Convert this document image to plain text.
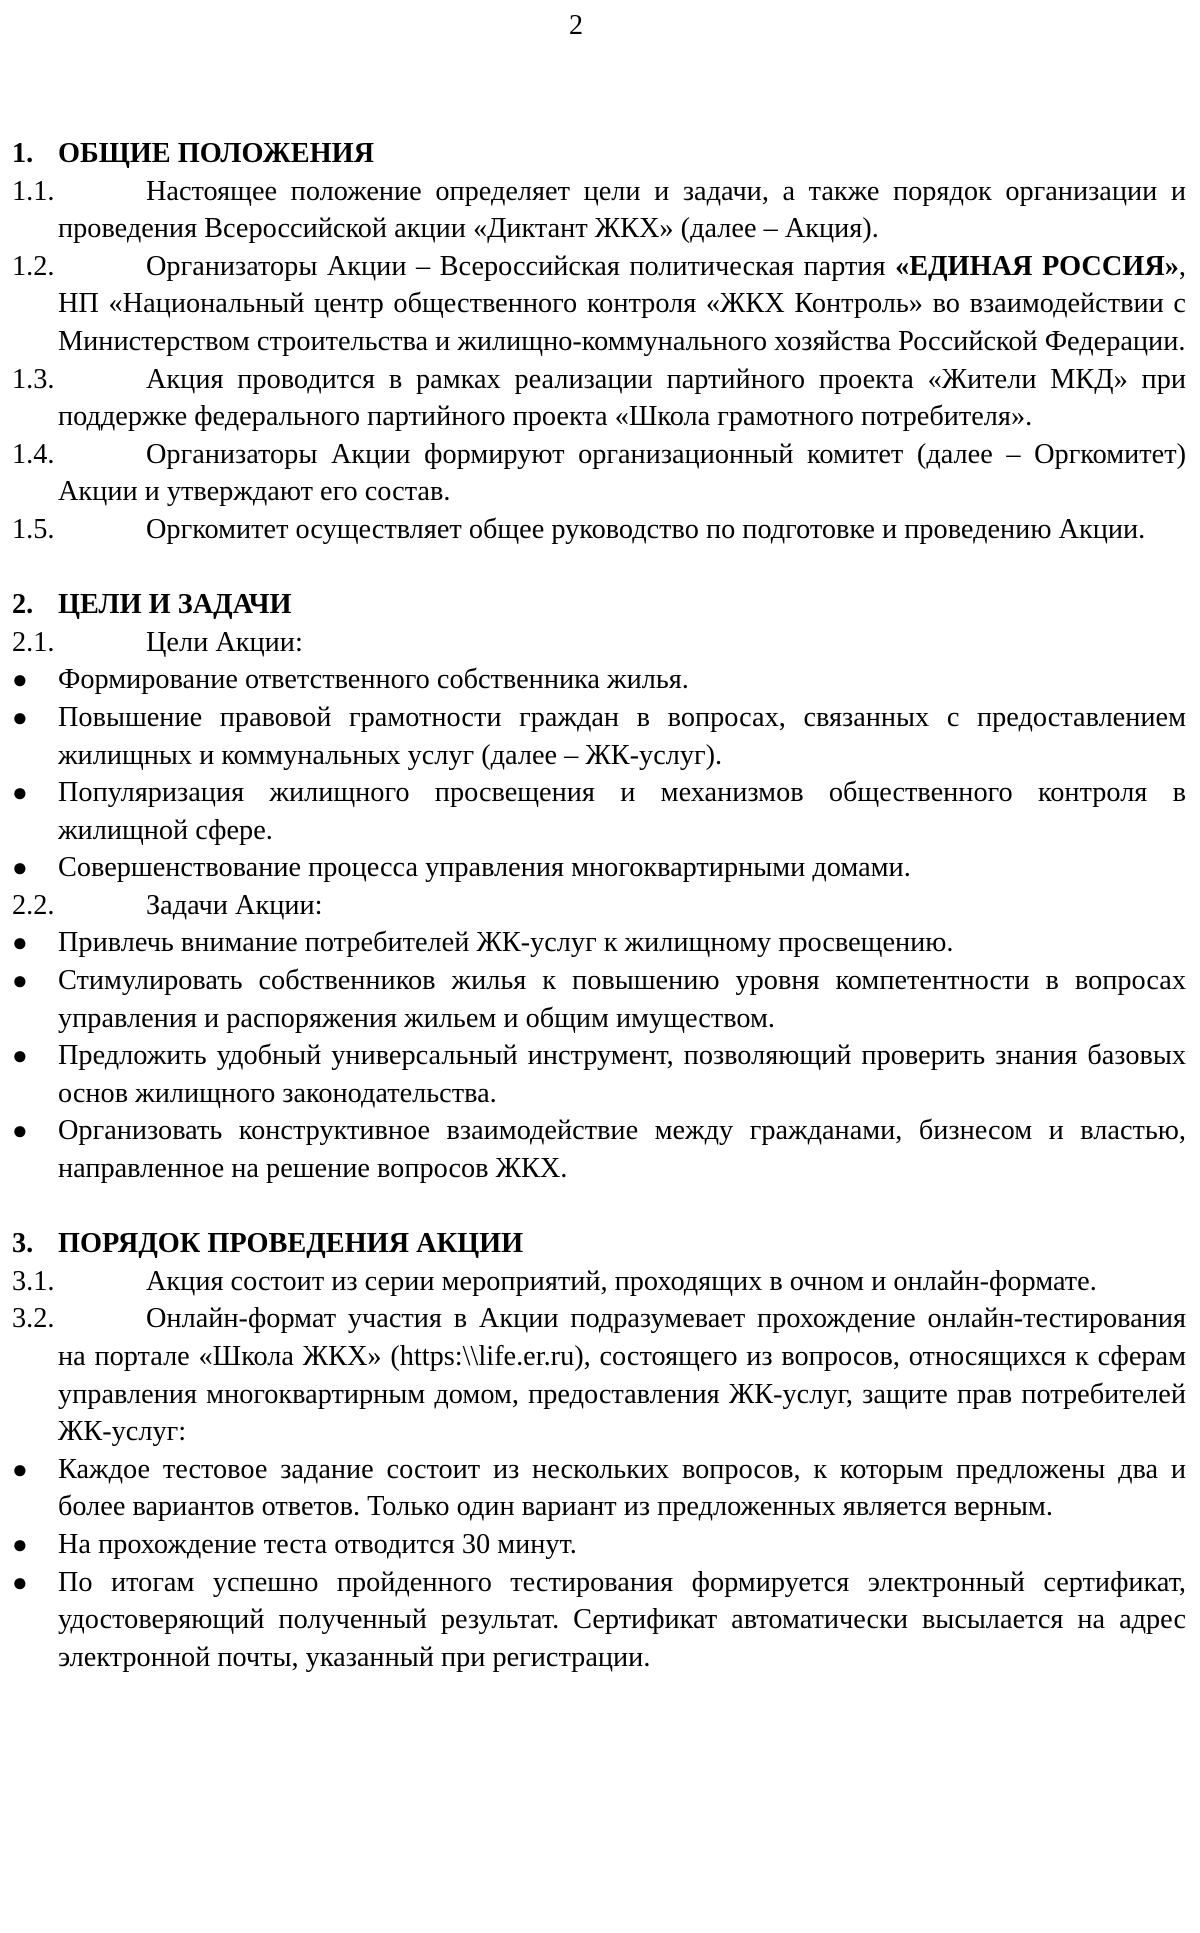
2
1. ОБЩИЕ ПОЛОЖЕНИЯ
1.1.	Настоящее положение определяет цели и задачи, а также порядок организации и проведения Всероссийской акции «Диктант ЖКХ» (далее – Акция).
1.2.	Организаторы Акции – Всероссийская политическая партия «ЕДИНАЯ РОССИЯ», НП «Национальный центр общественного контроля «ЖКХ Контроль» во взаимодействии с Министерством строительства и жилищно-коммунального хозяйства Российской Федерации.
1.3.	Акция проводится в рамках реализации партийного проекта «Жители МКД» при поддержке федерального партийного проекта «Школа грамотного потребителя».
1.4.	Организаторы Акции формируют организационный комитет (далее – Оргкомитет) Акции и утверждают его состав.
1.5.	Оргкомитет осуществляет общее руководство по подготовке и проведению Акции.
2. ЦЕЛИ И ЗАДАЧИ
2.1.	Цели Акции:
● Формирование ответственного собственника жилья.
● Повышение правовой грамотности граждан в вопросах, связанных с предоставлением жилищных и коммунальных услуг (далее – ЖК-услуг).
● Популяризация жилищного просвещения и механизмов общественного контроля в жилищной сфере.
● Совершенствование процесса управления многоквартирными домами.
2.2.	Задачи Акции:
● Привлечь внимание потребителей ЖК-услуг к жилищному просвещению.
● Стимулировать собственников жилья к повышению уровня компетентности в вопросах управления и распоряжения жильем и общим имуществом.
● Предложить удобный универсальный инструмент, позволяющий проверить знания базовых основ жилищного законодательства.
● Организовать конструктивное взаимодействие между гражданами, бизнесом и властью, направленное на решение вопросов ЖКХ.
3. ПОРЯДОК ПРОВЕДЕНИЯ АКЦИИ
3.1.	Акция состоит из серии мероприятий, проходящих в очном и онлайн-формате.
3.2.	Онлайн-формат участия в Акции подразумевает прохождение онлайн-тестирования на портале «Школа ЖКХ» (https:\\life.er.ru), состоящего из вопросов, относящихся к сферам управления многоквартирным домом, предоставления ЖК-услуг, защите прав потребителей ЖК-услуг:
● Каждое тестовое задание состоит из нескольких вопросов, к которым предложены два и более вариантов ответов. Только один вариант из предложенных является верным.
● На прохождение теста отводится 30 минут.
● По итогам успешно пройденного тестирования формируется электронный сертификат, удостоверяющий полученный результат. Сертификат автоматически высылается на адрес электронной почты, указанный при регистрации.
